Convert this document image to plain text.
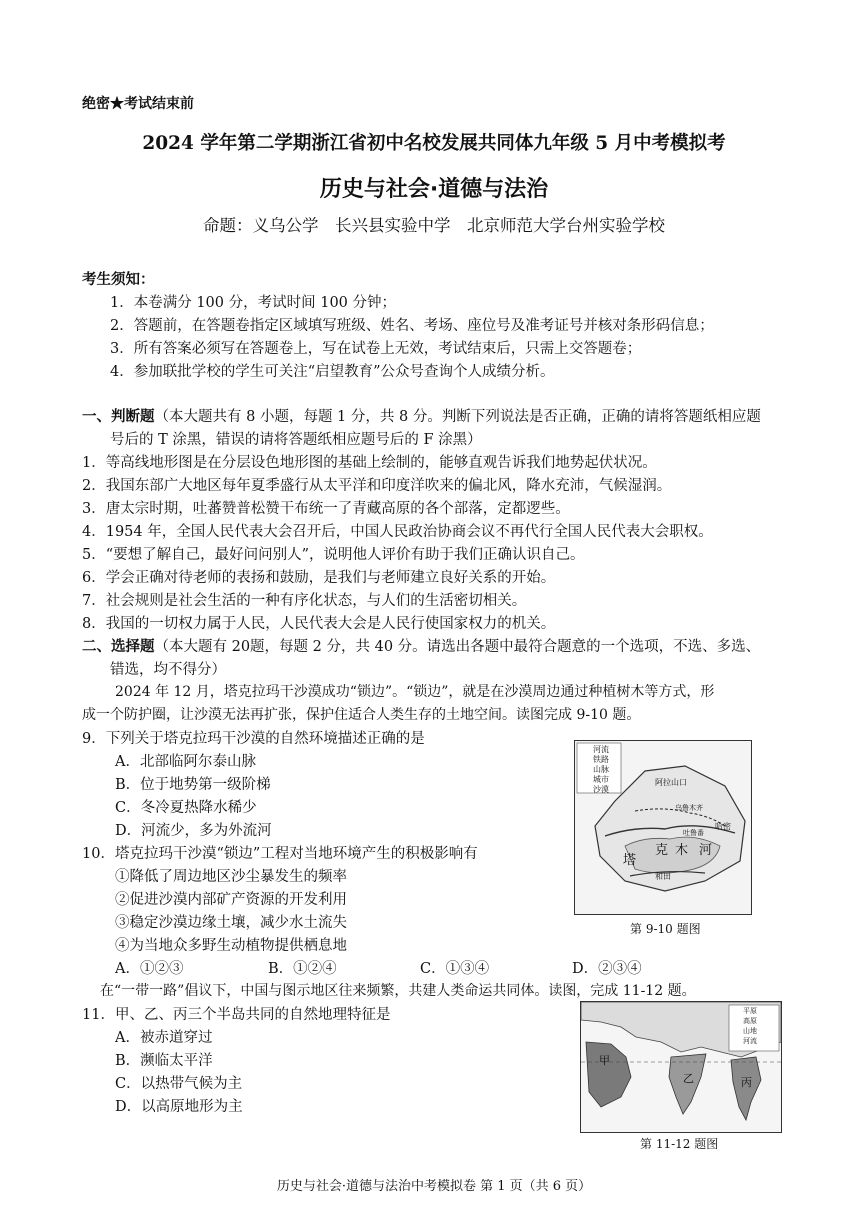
绝密★考试结束前
2024 学年第二学期浙江省初中名校发展共同体九年级 5 月中考模拟考
历史与社会·道德与法治
命题：义乌公学　长兴县实验中学　北京师范大学台州实验学校
考生须知：
1．本卷满分 100 分，考试时间 100 分钟；
2．答题前，在答题卷指定区域填写班级、姓名、考场、座位号及准考证号并核对条形码信息；
3．所有答案必须写在答题卷上，写在试卷上无效，考试结束后，只需上交答题卷；
4．参加联批学校的学生可关注“启望教育”公众号查询个人成绩分析。
一、判断题（本大题共有 8 小题，每题 1 分，共 8 分。判断下列说法是否正确，正确的请将答题纸相应题
号后的 T 涂黑，错误的请将答题纸相应题号后的 F 涂黑）
1．等高线地形图是在分层设色地形图的基础上绘制的，能够直观告诉我们地势起伏状况。
2．我国东部广大地区每年夏季盛行从太平洋和印度洋吹来的偏北风，降水充沛，气候湿润。
3．唐太宗时期，吐蕃赞普松赞干布统一了青藏高原的各个部落，定都逻些。
4．1954 年，全国人民代表大会召开后，中国人民政治协商会议不再代行全国人民代表大会职权。
5．“要想了解自己，最好问问别人”，说明他人评价有助于我们正确认识自己。
6．学会正确对待老师的表扬和鼓励，是我们与老师建立良好关系的开始。
7．社会规则是社会生活的一种有序化状态，与人们的生活密切相关。
8．我国的一切权力属于人民，人民代表大会是人民行使国家权力的机关。
二、选择题（本大题有 20题，每题 2 分，共 40 分。请选出各题中最符合题意的一个选项，不选、多选、
错选，均不得分）
2024 年 12 月，塔克拉玛干沙漠成功“锁边”。“锁边”，就是在沙漠周边通过种植树木等方式，形
成一个防护圈，让沙漠无法再扩张，保护住适合人类生存的土地空间。读图完成 9-10 题。
9．下列关于塔克拉玛干沙漠的自然环境描述正确的是
A．北部临阿尔泰山脉
B．位于地势第一级阶梯
C．冬冷夏热降水稀少
D．河流少，多为外流河
10．塔克拉玛干沙漠“锁边”工程对当地环境产生的积极影响有
①降低了周边地区沙尘暴发生的频率
②促进沙漠内部矿产资源的开发利用
③稳定沙漠边缘土壤，减少水土流失
④为当地众多野生动植物提供栖息地
A．①②③	B．①②④	C．①③④	D．②③④
在“一带一路”倡议下，中国与图示地区往来频繁，共建人类命运共同体。读图，完成 11-12 题。
11．甲、乙、丙三个半岛共同的自然地理特征是
A．被赤道穿过
B．濒临太平洋
C．以热带气候为主
D．以高原地形为主
河流
铁路
山脉
城市
沙漠
阿拉山口
乌鲁木齐
哈密
吐鲁番
塔
克 木 河
和田
第 9-10 题图
甲
乙	丙
平原
高原
山地
河流
第 11-12 题图
历史与社会·道德与法治中考模拟卷 第 1 页（共 6 页）
